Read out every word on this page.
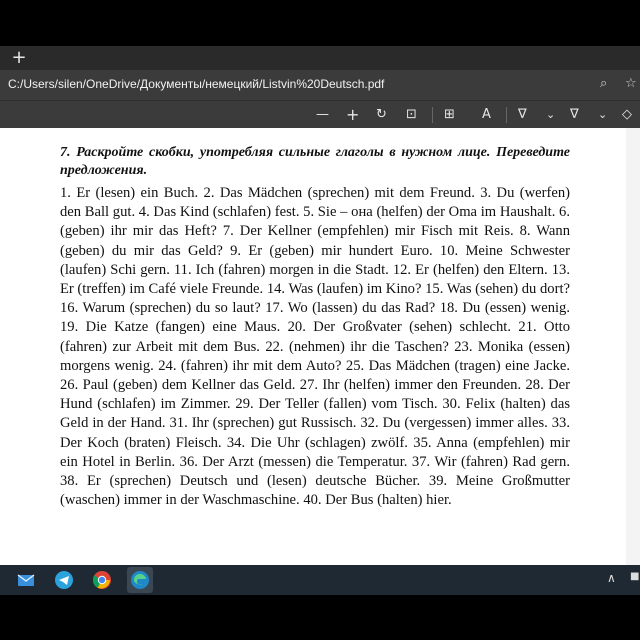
+
C:/Users/silen/OneDrive/Документы/немецкий/Listvin%20Deutsch.pdf	⌕ ☆
— + ↻ ⊡ ⊞ A ∇ ⌄ ∇ ⌄ ◇

7. Раскройте скобки, употребляя сильные глаголы в нужном лице. Переведите предложения.

1. Er (lesen) ein Buch. 2. Das Mädchen (sprechen) mit dem Freund. 3. Du (werfen) den Ball gut. 4. Das Kind (schlafen) fest. 5. Sie – она (helfen) der Oma im Haushalt. 6. (geben) ihr mir das Heft? 7. Der Kellner (empfehlen) mir Fisch mit Reis. 8. Wann (geben) du mir das Geld? 9. Er (geben) mir hundert Euro. 10. Meine Schwester (laufen) Schi gern. 11. Ich (fahren) morgen in die Stadt. 12. Er (helfen) den Eltern. 13. Er (treffen) im Café viele Freunde. 14. Was (laufen) im Kino? 15. Was (sehen) du dort? 16. Warum (sprechen) du so laut? 17. Wo (lassen) du das Rad? 18. Du (essen) wenig. 19. Die Katze (fangen) eine Maus. 20. Der Großvater (sehen) schlecht. 21. Otto (fahren) zur Arbeit mit dem Bus. 22. (nehmen) ihr die Taschen? 23. Monika (essen) morgens wenig. 24. (fahren) ihr mit dem Auto? 25. Das Mädchen (tragen) eine Jacke. 26. Paul (geben) dem Kellner das Geld. 27. Ihr (helfen) immer den Freunden. 28. Der Hund (schlafen) im Zimmer. 29. Der Teller (fallen) vom Tisch. 30. Felix (halten) das Geld in der Hand. 31. Ihr (sprechen) gut Russisch. 32. Du (vergessen) immer alles. 33. Der Koch (braten) Fleisch. 34. Die Uhr (schlagen) zwölf. 35. Anna (empfehlen) mir ein Hotel in Berlin. 36. Der Arzt (messen) die Temperatur. 37. Wir (fahren) Rad gern. 38. Er (sprechen) Deutsch und (lesen) deutsche Bücher. 39. Meine Großmutter (waschen) immer in der Waschmaschine. 40. Der Bus (halten) hier.

∧ ■
